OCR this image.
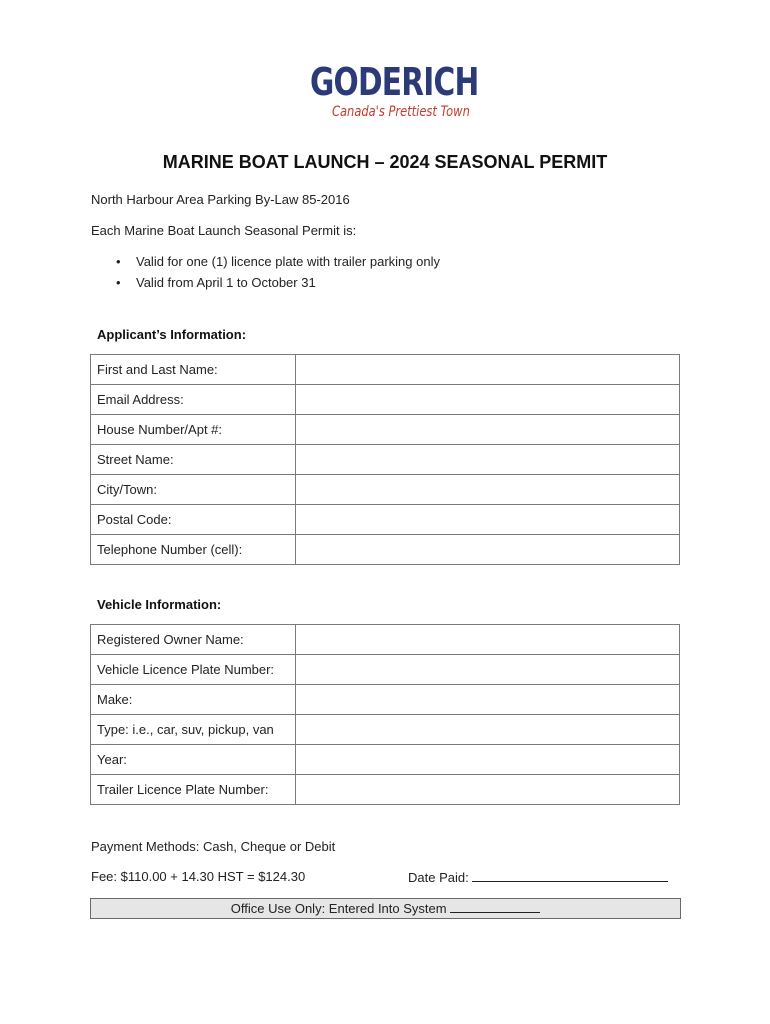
GODERICH
Canada's Prettiest Town
MARINE BOAT LAUNCH – 2024 SEASONAL PERMIT
North Harbour Area Parking By-Law 85-2016
Each Marine Boat Launch Seasonal Permit is:
• Valid for one (1) licence plate with trailer parking only
• Valid from April 1 to October 31
Applicant’s Information:
First and Last Name:	
Email Address:	
House Number/Apt #:	
Street Name:	
City/Town:	
Postal Code:	
Telephone Number (cell):	
Vehicle Information:
Registered Owner Name:	
Vehicle Licence Plate Number:	
Make:	
Type: i.e., car, suv, pickup, van	
Year:	
Trailer Licence Plate Number:	
Payment Methods: Cash, Cheque or Debit
Fee: $110.00 + 14.30 HST = $124.30	Date Paid:
Office Use Only: Entered Into System
